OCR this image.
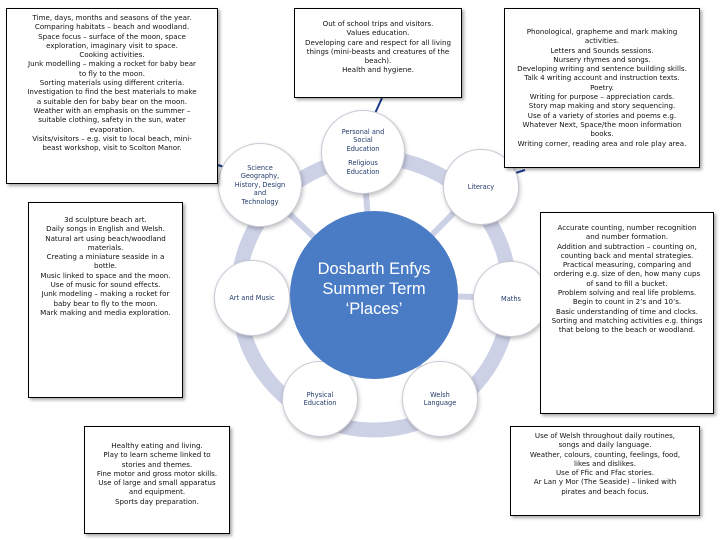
Personal and
Social
Education
Religious
Education
Literacy
Maths
Welsh
Language
Physical
Education
Art and Music
Science
Geography,
History, Design
and
Technology
Dosbarth Enfys
Summer Term
‘Places’
Time, days, months and seasons of the year.
Comparing habitats – beach and woodland.
Space focus – surface of the moon, space
exploration, imaginary visit to space.
Cooking activities.
Junk modelling – making a rocket for baby bear
to fly to the moon.
Sorting materials using different criteria.
Investigation to find the best materials to make
a suitable den for baby bear on the moon.
Weather with an emphasis on the summer –
suitable clothing, safety in the sun, water
evaporation.
Visits/visitors – e.g. visit to local beach, mini-
beast workshop, visit to Scolton Manor.
Out of school trips and visitors.
Values education.
Developing care and respect for all living
things (mini-beasts and creatures of the
beach).
Health and hygiene.
Phonological, grapheme and mark making
activities.
Letters and Sounds sessions.
Nursery rhymes and songs.
Developing writing and sentence building skills.
Talk 4 writing account and instruction texts.
Poetry.
Writing for purpose – appreciation cards.
Story map making and story sequencing.
Use of a variety of stories and poems e.g.
Whatever Next, Space/the moon information
books.
Writing corner, reading area and role play area.
3d sculpture beach art.
Daily songs in English and Welsh.
Natural art using beach/woodland
materials.
Creating a miniature seaside in a
bottle.
Music linked to space and the moon.
Use of music for sound effects.
Junk modeling – making a rocket for
baby bear to fly to the moon.
Mark making and media exploration.
Accurate counting, number recognition
and number formation.
Addition and subtraction – counting on,
counting back and mental strategies.
Practical measuring, comparing and
ordering e.g. size of den, how many cups
of sand to fill a bucket.
Problem solving and real life problems.
Begin to count in 2’s and 10’s.
Basic understanding of time and clocks.
Sorting and matching activities e.g. things
that belong to the beach or woodland.
Healthy eating and living.
Play to learn scheme linked to
stories and themes.
Fine motor and gross motor skills.
Use of large and small apparatus
and equipment.
Sports day preparation.
Use of Welsh throughout daily routines,
songs and daily language.
Weather, colours, counting, feelings, food,
likes and dislikes.
Use of Ffic and Ffac stories.
Ar Lan y Mor (The Seaside) – linked with
pirates and beach focus.
